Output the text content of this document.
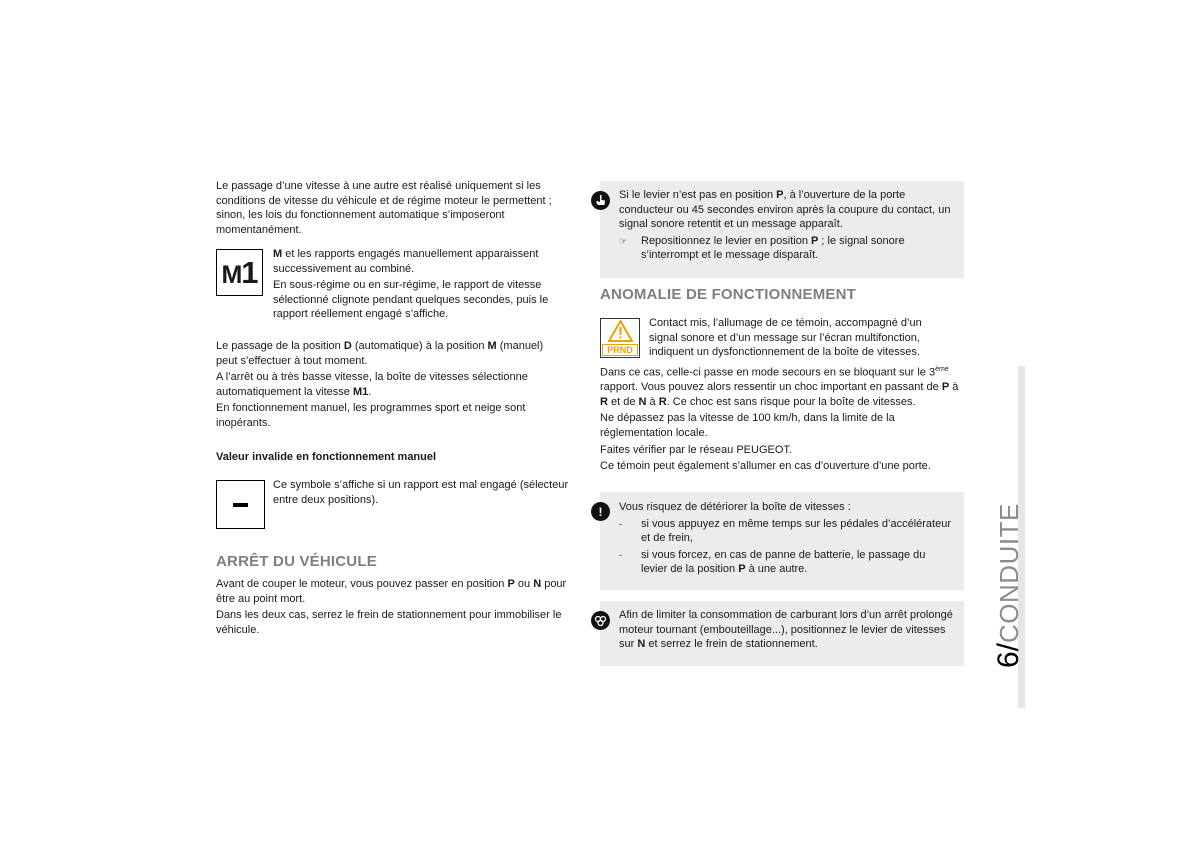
Le passage d’une vitesse à une autre est réalisé uniquement si les conditions de vitesse du véhicule et de régime moteur le permettent ; sinon, les lois du fonctionnement automatique s’imposeront momentanément.

M1

M et les rapports engagés manuellement apparaissent successivement au combiné.

En sous-régime ou en sur-régime, le rapport de vitesse sélectionné clignote pendant quelques secondes, puis le rapport réellement engagé s’affiche.

Le passage de la position D (automatique) à la position M (manuel) peut s’effectuer à tout moment.

A l’arrêt ou à très basse vitesse, la boîte de vitesses sélectionne automatiquement la vitesse M1.

En fonctionnement manuel, les programmes sport et neige sont inopérants.

Valeur invalide en fonctionnement manuel
Ce symbole s’affiche si un rapport est mal engagé (sélecteur entre deux positions).
ARRÊT DU VÉHICULE

Avant de couper le moteur, vous pouvez passer en position P ou N pour être au point mort.

Dans les deux cas, serrez le frein de stationnement pour immobiliser le véhicule.

Si le levier n’est pas en position P, à l’ouverture de la porte conducteur ou 45 secondes environ après la coupure du contact, un signal sonore retentit et un message apparaît.

☞ Repositionnez le levier en position P ; le signal sonore s’interrompt et le message disparaît.

ANOMALIE DE FONCTIONNEMENT
PRND
Contact mis, l’allumage de ce témoin, accompagné d’un signal sonore et d’un message sur l’écran multifonction, indiquent un dysfonctionnement de la boîte de vitesses.

Dans ce cas, celle-ci passe en mode secours en se bloquant sur le 3ème rapport. Vous pouvez alors ressentir un choc important en passant de P à R et de N à R. Ce choc est sans risque pour la boîte de vitesses.

Ne dépassez pas la vitesse de 100 km/h, dans la limite de la réglementation locale.

Faites vérifier par le réseau PEUGEOT.

Ce témoin peut également s’allumer en cas d’ouverture d’une porte.

!	Vous risquez de détériorer la boîte de vitesses :

- si vous appuyez en même temps sur les pédales d’accélérateur et de frein,

- si vous forcez, en cas de panne de batterie, le passage du levier de la position P à une autre.

Afin de limiter la consommation de carburant lors d’un arrêt prolongé moteur tournant (embouteillage...), positionnez le levier de vitesses sur N et serrez le frein de stationnement.

6
/
CONDUITE
